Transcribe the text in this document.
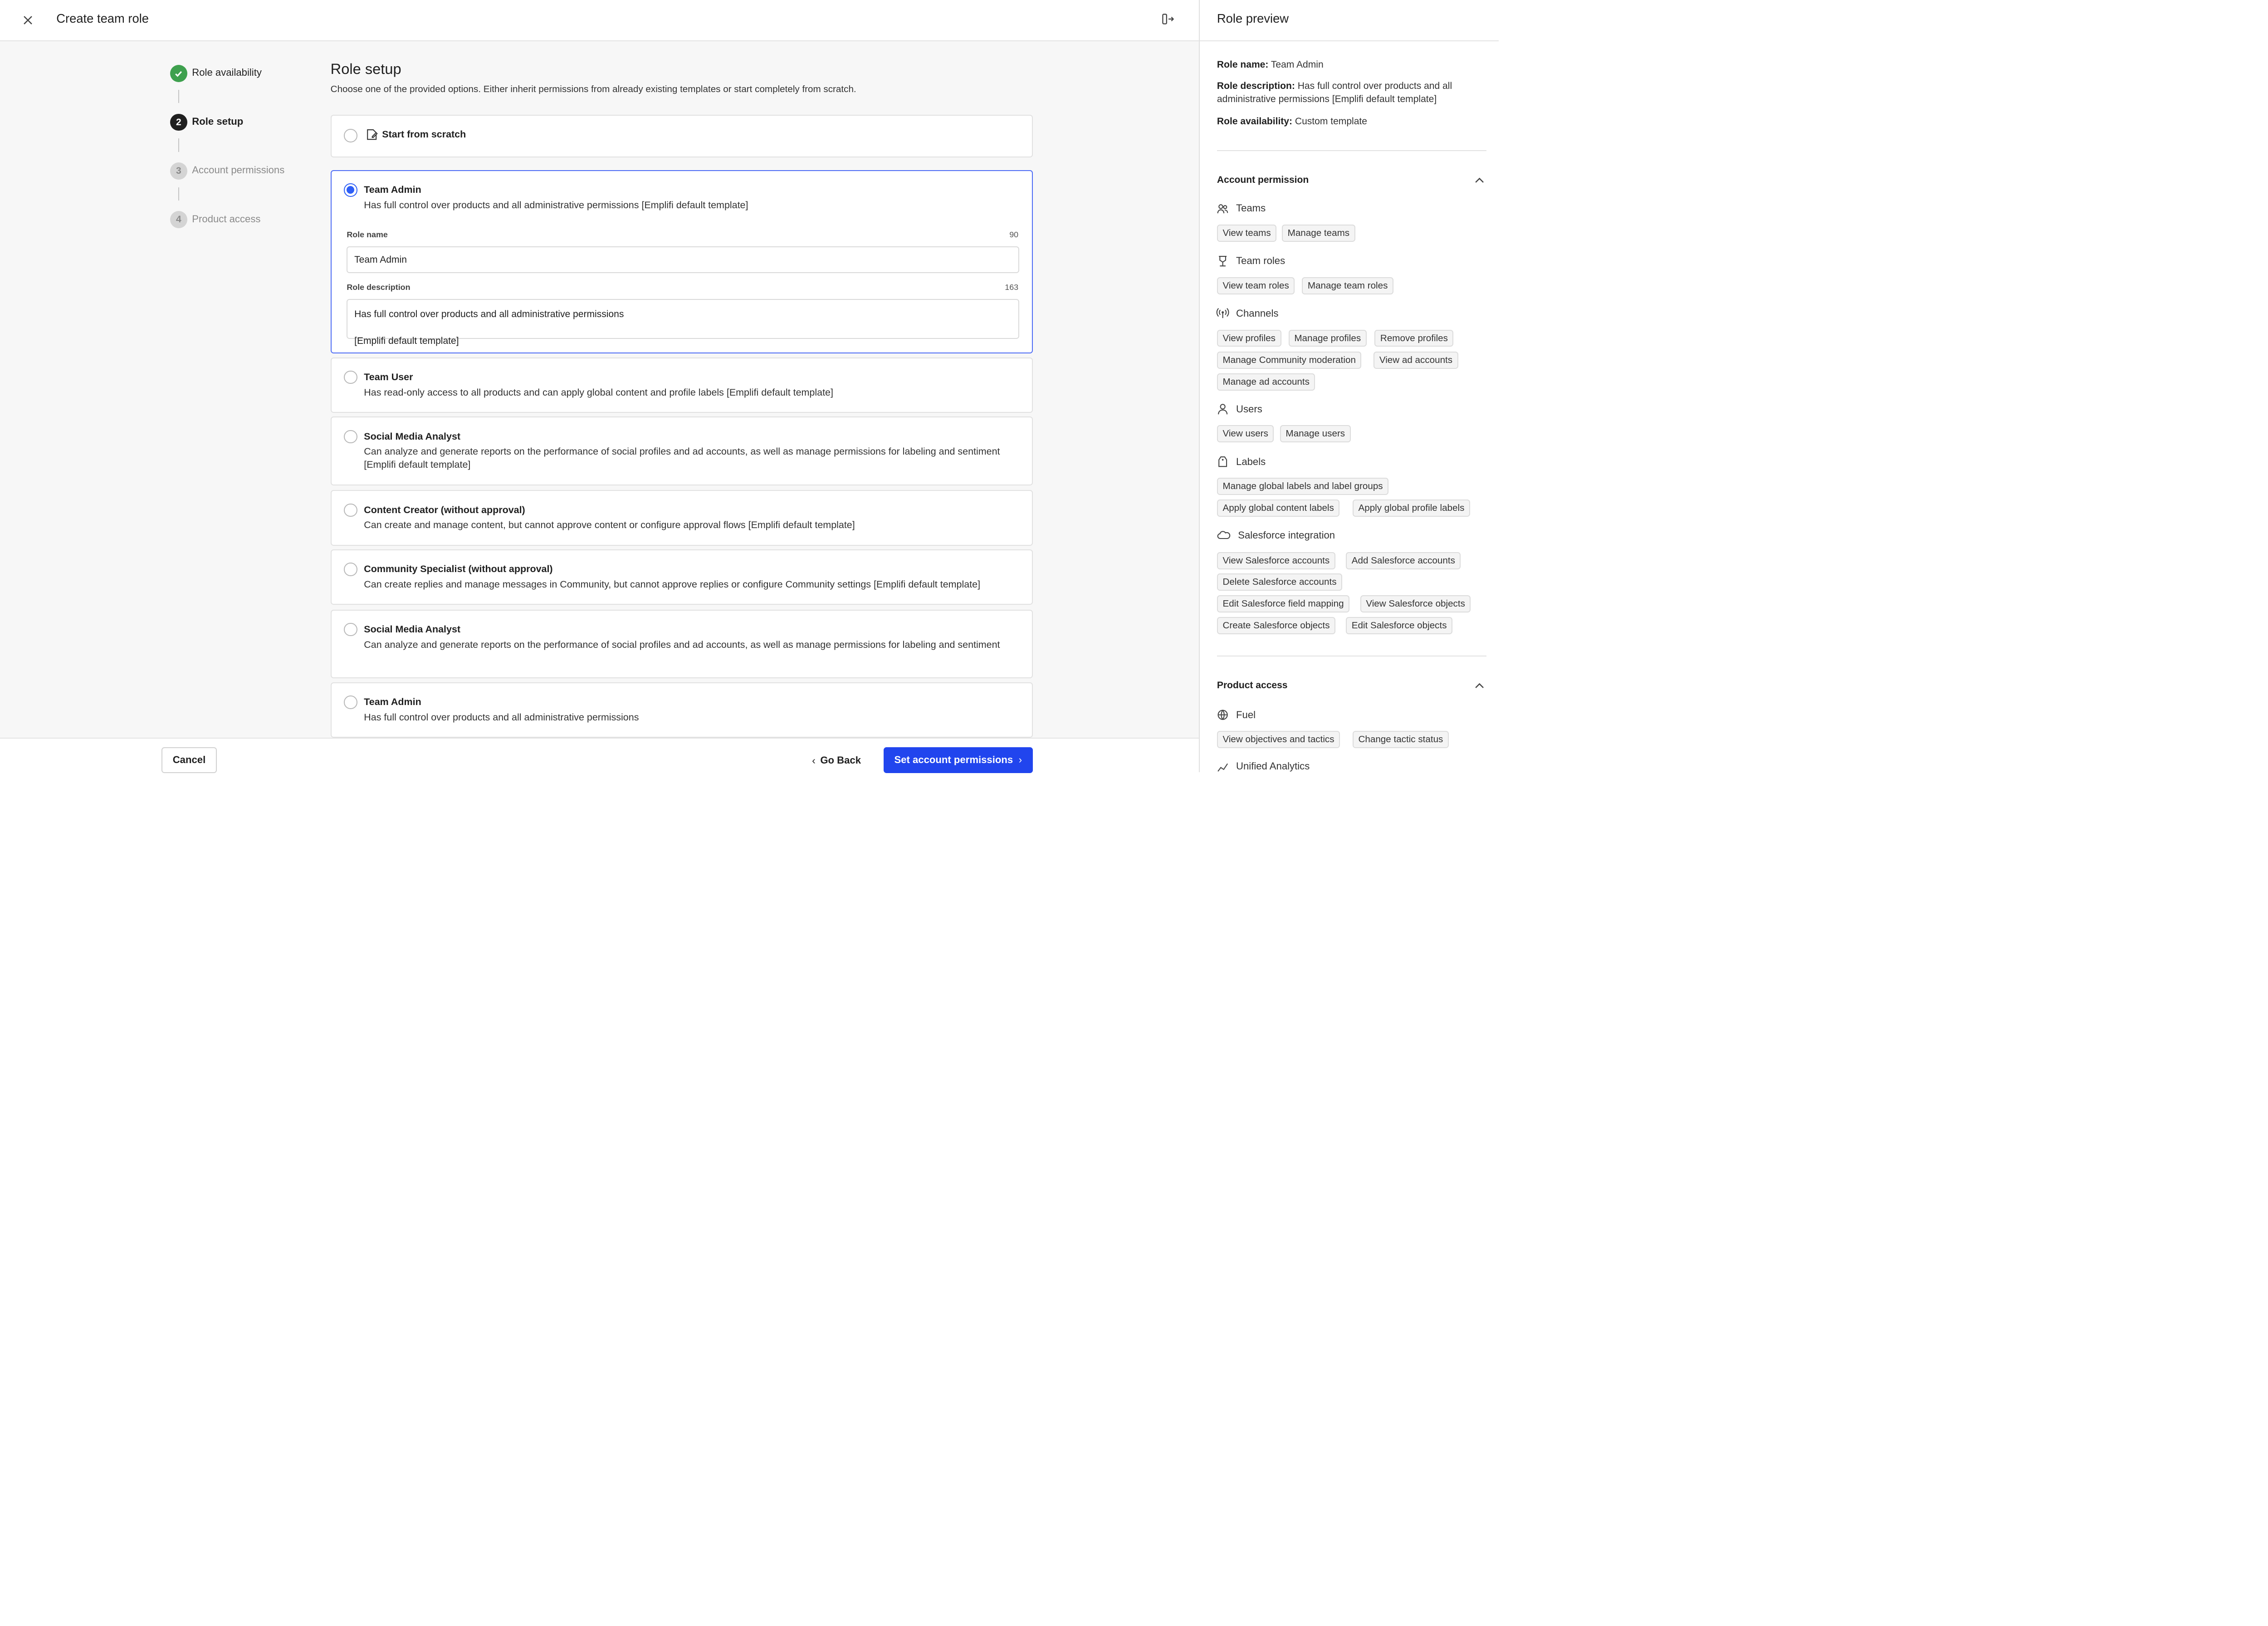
Create team role
Role availability
2	Role setup
3	Account permissions
4	Product access
Role setup
Choose one of the provided options. Either inherit permissions from already existing templates or start completely from scratch.
Start from scratch
Team Admin
Has full control over products and all administrative permissions [Emplifi default template]
Role name	90
Team Admin
Role description	163
Has full control over products and all administrative permissions

[Emplifi default template]
Team User
Has read-only access to all products and can apply global content and profile labels [Emplifi default template]
Social Media Analyst
Can analyze and generate reports on the performance of social profiles and ad accounts, as well as manage permissions for labeling and sentiment [Emplifi default template]
Content Creator (without approval)
Can create and manage content, but cannot approve content or configure approval flows [Emplifi default template]
Community Specialist (without approval)
Can create replies and manage messages in Community, but cannot approve replies or configure Community settings [Emplifi default template]
Social Media Analyst
Can analyze and generate reports on the performance of social profiles and ad accounts, as well as manage permissions for labeling and sentiment
Team Admin
Has full control over products and all administrative permissions
Cancel	‹ Go Back	Set account permissions ›
Role preview
Role name: Team Admin
Role description: Has full control over products and all administrative permissions [Emplifi default template]
Role availability: Custom template
Account permission
Teams
View teams	Manage teams
Team roles
View team roles	Manage team roles
Channels
View profiles	Manage profiles	Remove profiles
Manage Community moderation	View ad accounts
Manage ad accounts
Users
View users	Manage users
Labels
Manage global labels and label groups
Apply global content labels	Apply global profile labels
Salesforce integration
View Salesforce accounts	Add Salesforce accounts
Delete Salesforce accounts
Edit Salesforce field mapping	View Salesforce objects
Create Salesforce objects	Edit Salesforce objects
Product access
Fuel
View objectives and tactics	Change tactic status
Unified Analytics
